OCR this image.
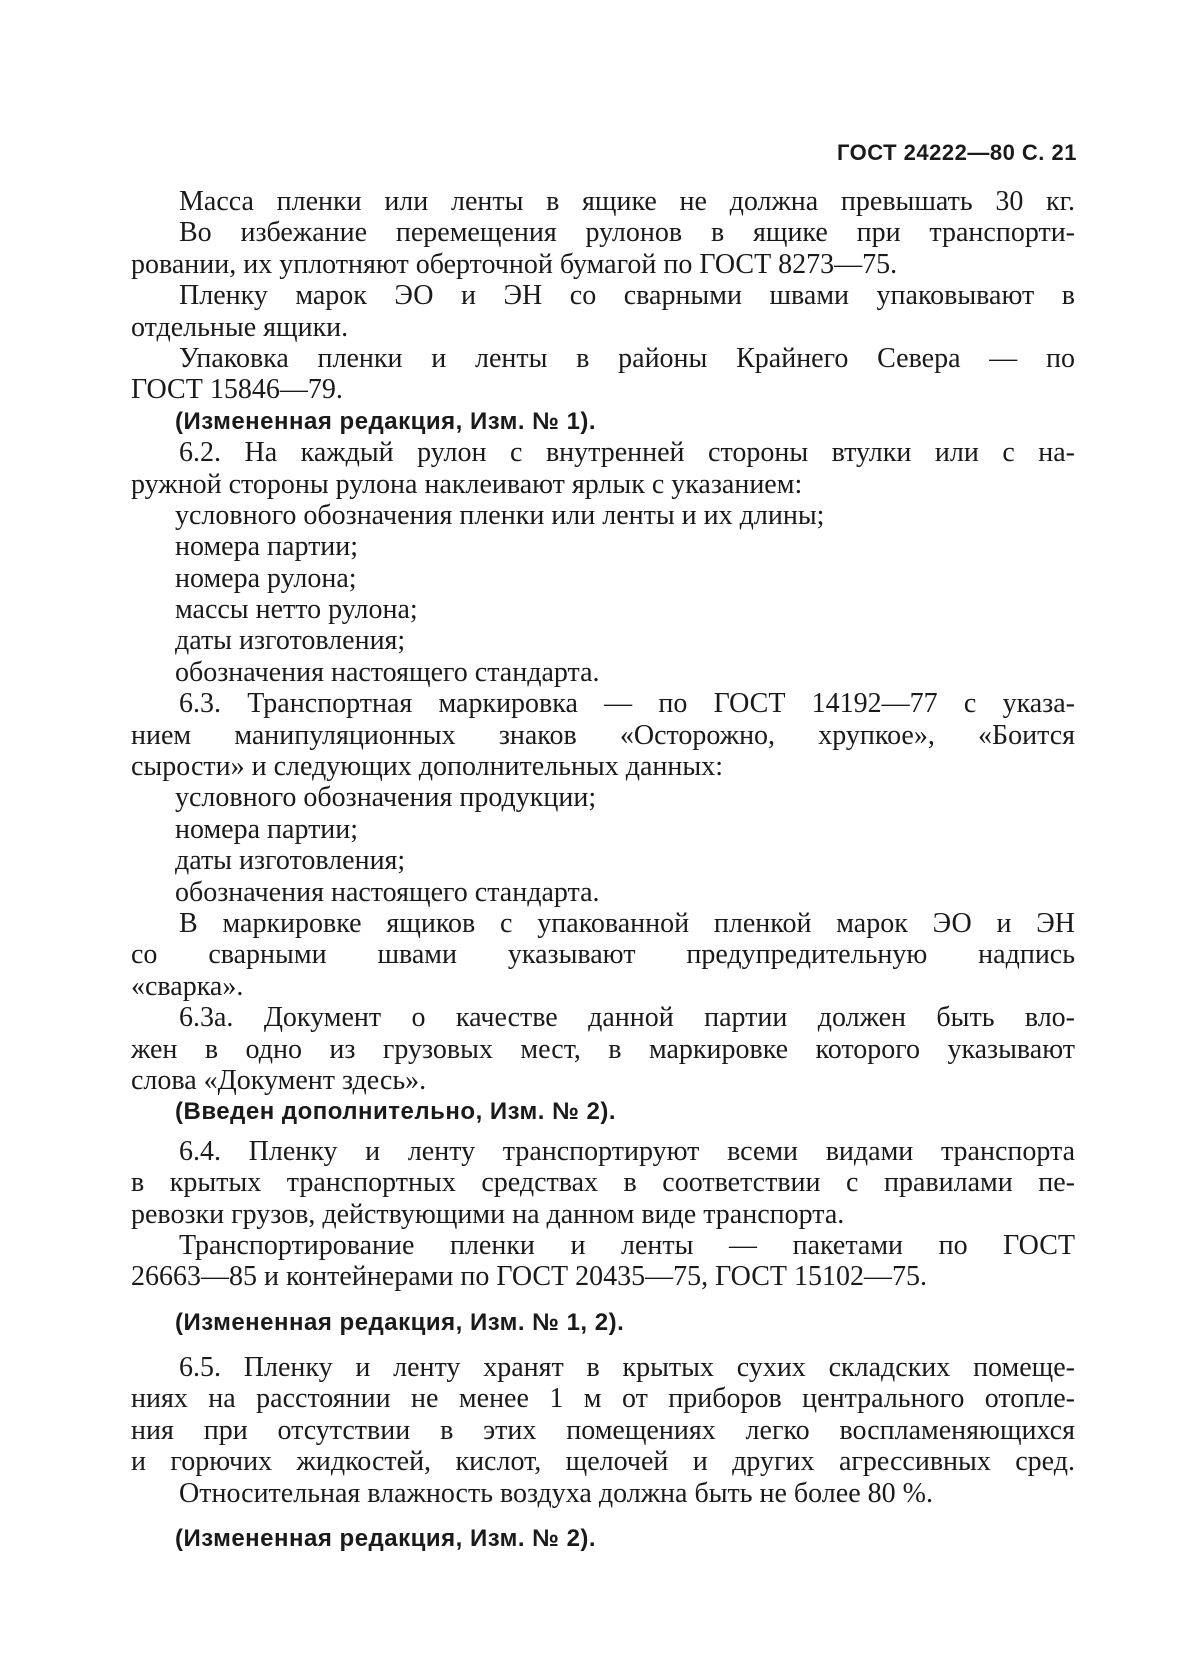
ГОСТ 24222—80 С. 21
Масса пленки или ленты в ящике не должна превышать 30 кг.
Во избежание перемещения рулонов в ящике при транспорти-
ровании, их уплотняют оберточной бумагой по ГОСТ 8273—75.
Пленку марок ЭО и ЭН со сварными швами упаковывают в
отдельные ящики.
Упаковка пленки и ленты в районы Крайнего Севера — по
ГОСТ 15846—79.
(Измененная редакция, Изм. № 1).
6.2. На каждый рулон с внутренней стороны втулки или с на-
ружной стороны рулона наклеивают ярлык с указанием:
условного обозначения пленки или ленты и их длины;
номера партии;
номера рулона;
массы нетто рулона;
даты изготовления;
обозначения настоящего стандарта.
6.3. Транспортная маркировка — по ГОСТ 14192—77 с указа-
нием манипуляционных знаков «Осторожно, хрупкое», «Боится
сырости» и следующих дополнительных данных:
условного обозначения продукции;
номера партии;
даты изготовления;
обозначения настоящего стандарта.
В маркировке ящиков с упакованной пленкой марок ЭО и ЭН
со сварными швами указывают предупредительную надпись
«сварка».
6.3а. Документ о качестве данной партии должен быть вло-
жен в одно из грузовых мест, в маркировке которого указывают
слова «Документ здесь».
(Введен дополнительно, Изм. № 2).
6.4. Пленку и ленту транспортируют всеми видами транспорта
в крытых транспортных средствах в соответствии с правилами пе-
ревозки грузов, действующими на данном виде транспорта.
Транспортирование пленки и ленты — пакетами по ГОСТ
26663—85 и контейнерами по ГОСТ 20435—75, ГОСТ 15102—75.
(Измененная редакция, Изм. № 1, 2).
6.5. Пленку и ленту хранят в крытых сухих складских помеще-
ниях на расстоянии не менее 1 м от приборов центрального отопле-
ния при отсутствии в этих помещениях легко воспламеняющихся
и горючих жидкостей, кислот, щелочей и других агрессивных сред.
Относительная влажность воздуха должна быть не более 80 %.
(Измененная редакция, Изм. № 2).
